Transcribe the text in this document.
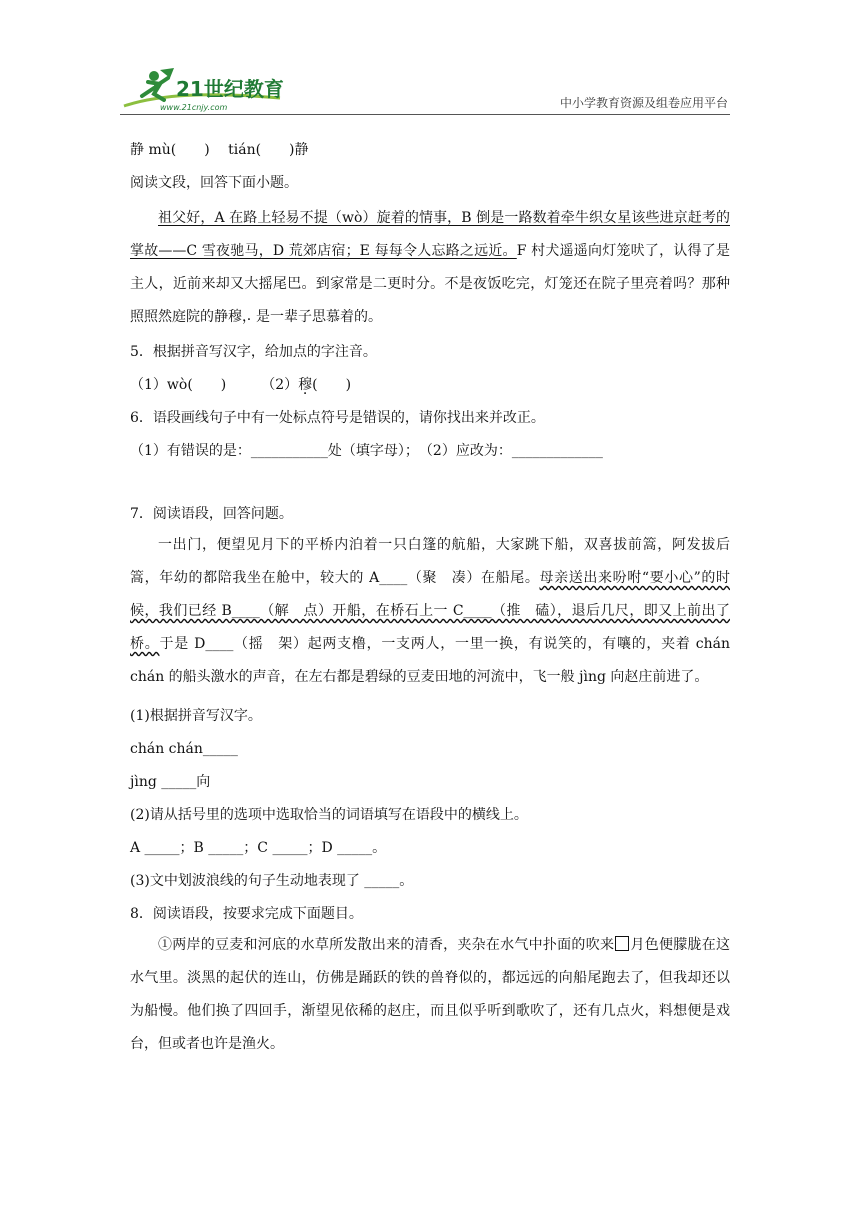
21世纪教育
www.21cnjy.com	中小学教育资源及组卷应用平台

静 mù(　　)　 tián(　　)静

阅读文段，回答下面小题。

祖父好，A 在路上轻易不提（wò）旋着的情事，B 倒是一路数着牵牛织女星该些进京赶考的掌故——C 雪夜驰马，D 荒郊店宿；E 每每令人忘路之远近。F 村犬遥遥向灯笼吠了，认得了是主人，近前来却又大摇尾巴。到家常是二更时分。不是夜饭吃完，灯笼还在院子里亮着吗？那种照照然庭院的静穆 ·，是一辈子思慕着的。

5．根据拼音写汉字，给加点的字注音。

（1）wò(　　)　　　（2）穆(　　)

6．语段画线句子中有一处标点符号是错误的，请你找出来并改正。

（1）有错误的是：___________处（填字母）；　（2）应改为：_____________

7．阅读语段，回答问题。

一出门，便望见月下的平桥内泊着一只白篷的航船，大家跳下船，双喜拔前篙，阿发拔后篙，年幼的都陪我坐在舱中，较大的 A____（聚　凑）在船尾。母亲送出来吩咐“要小心”的时候，我们已经 B____（解　点）开船，在桥石上一 C____（推　磕），退后几尺，即又上前出了桥。于是 D____（摇　架）起两支橹，一支两人，一里一换，有说笑的，有嚷的，夹着 chán chán 的船头激水的声音，在左右都是碧绿的豆麦田地的河流中，飞一般 jìng 向赵庄前进了。

(1)根据拼音写汉字。

chán chán_____

jìng _____向

(2)请从括号里的选项中选取恰当的词语填写在语段中的横线上。

A _____；B _____；C _____；D _____。

(3)文中划波浪线的句子生动地表现了 _____。

8．阅读语段，按要求完成下面题目。

①两岸的豆麦和河底的水草所发散出来的清香，夹杂在水气中扑面的吹来 月色便朦胧在这水气里。淡黑的起伏的连山，仿佛是踊跃的铁的兽脊似的，都远远的向船尾跑去了，但我却还以为船慢。他们换了四回手，渐望见依稀的赵庄，而且似乎听到歌吹了，还有几点火，料想便是戏台，但或者也许是渔火。
